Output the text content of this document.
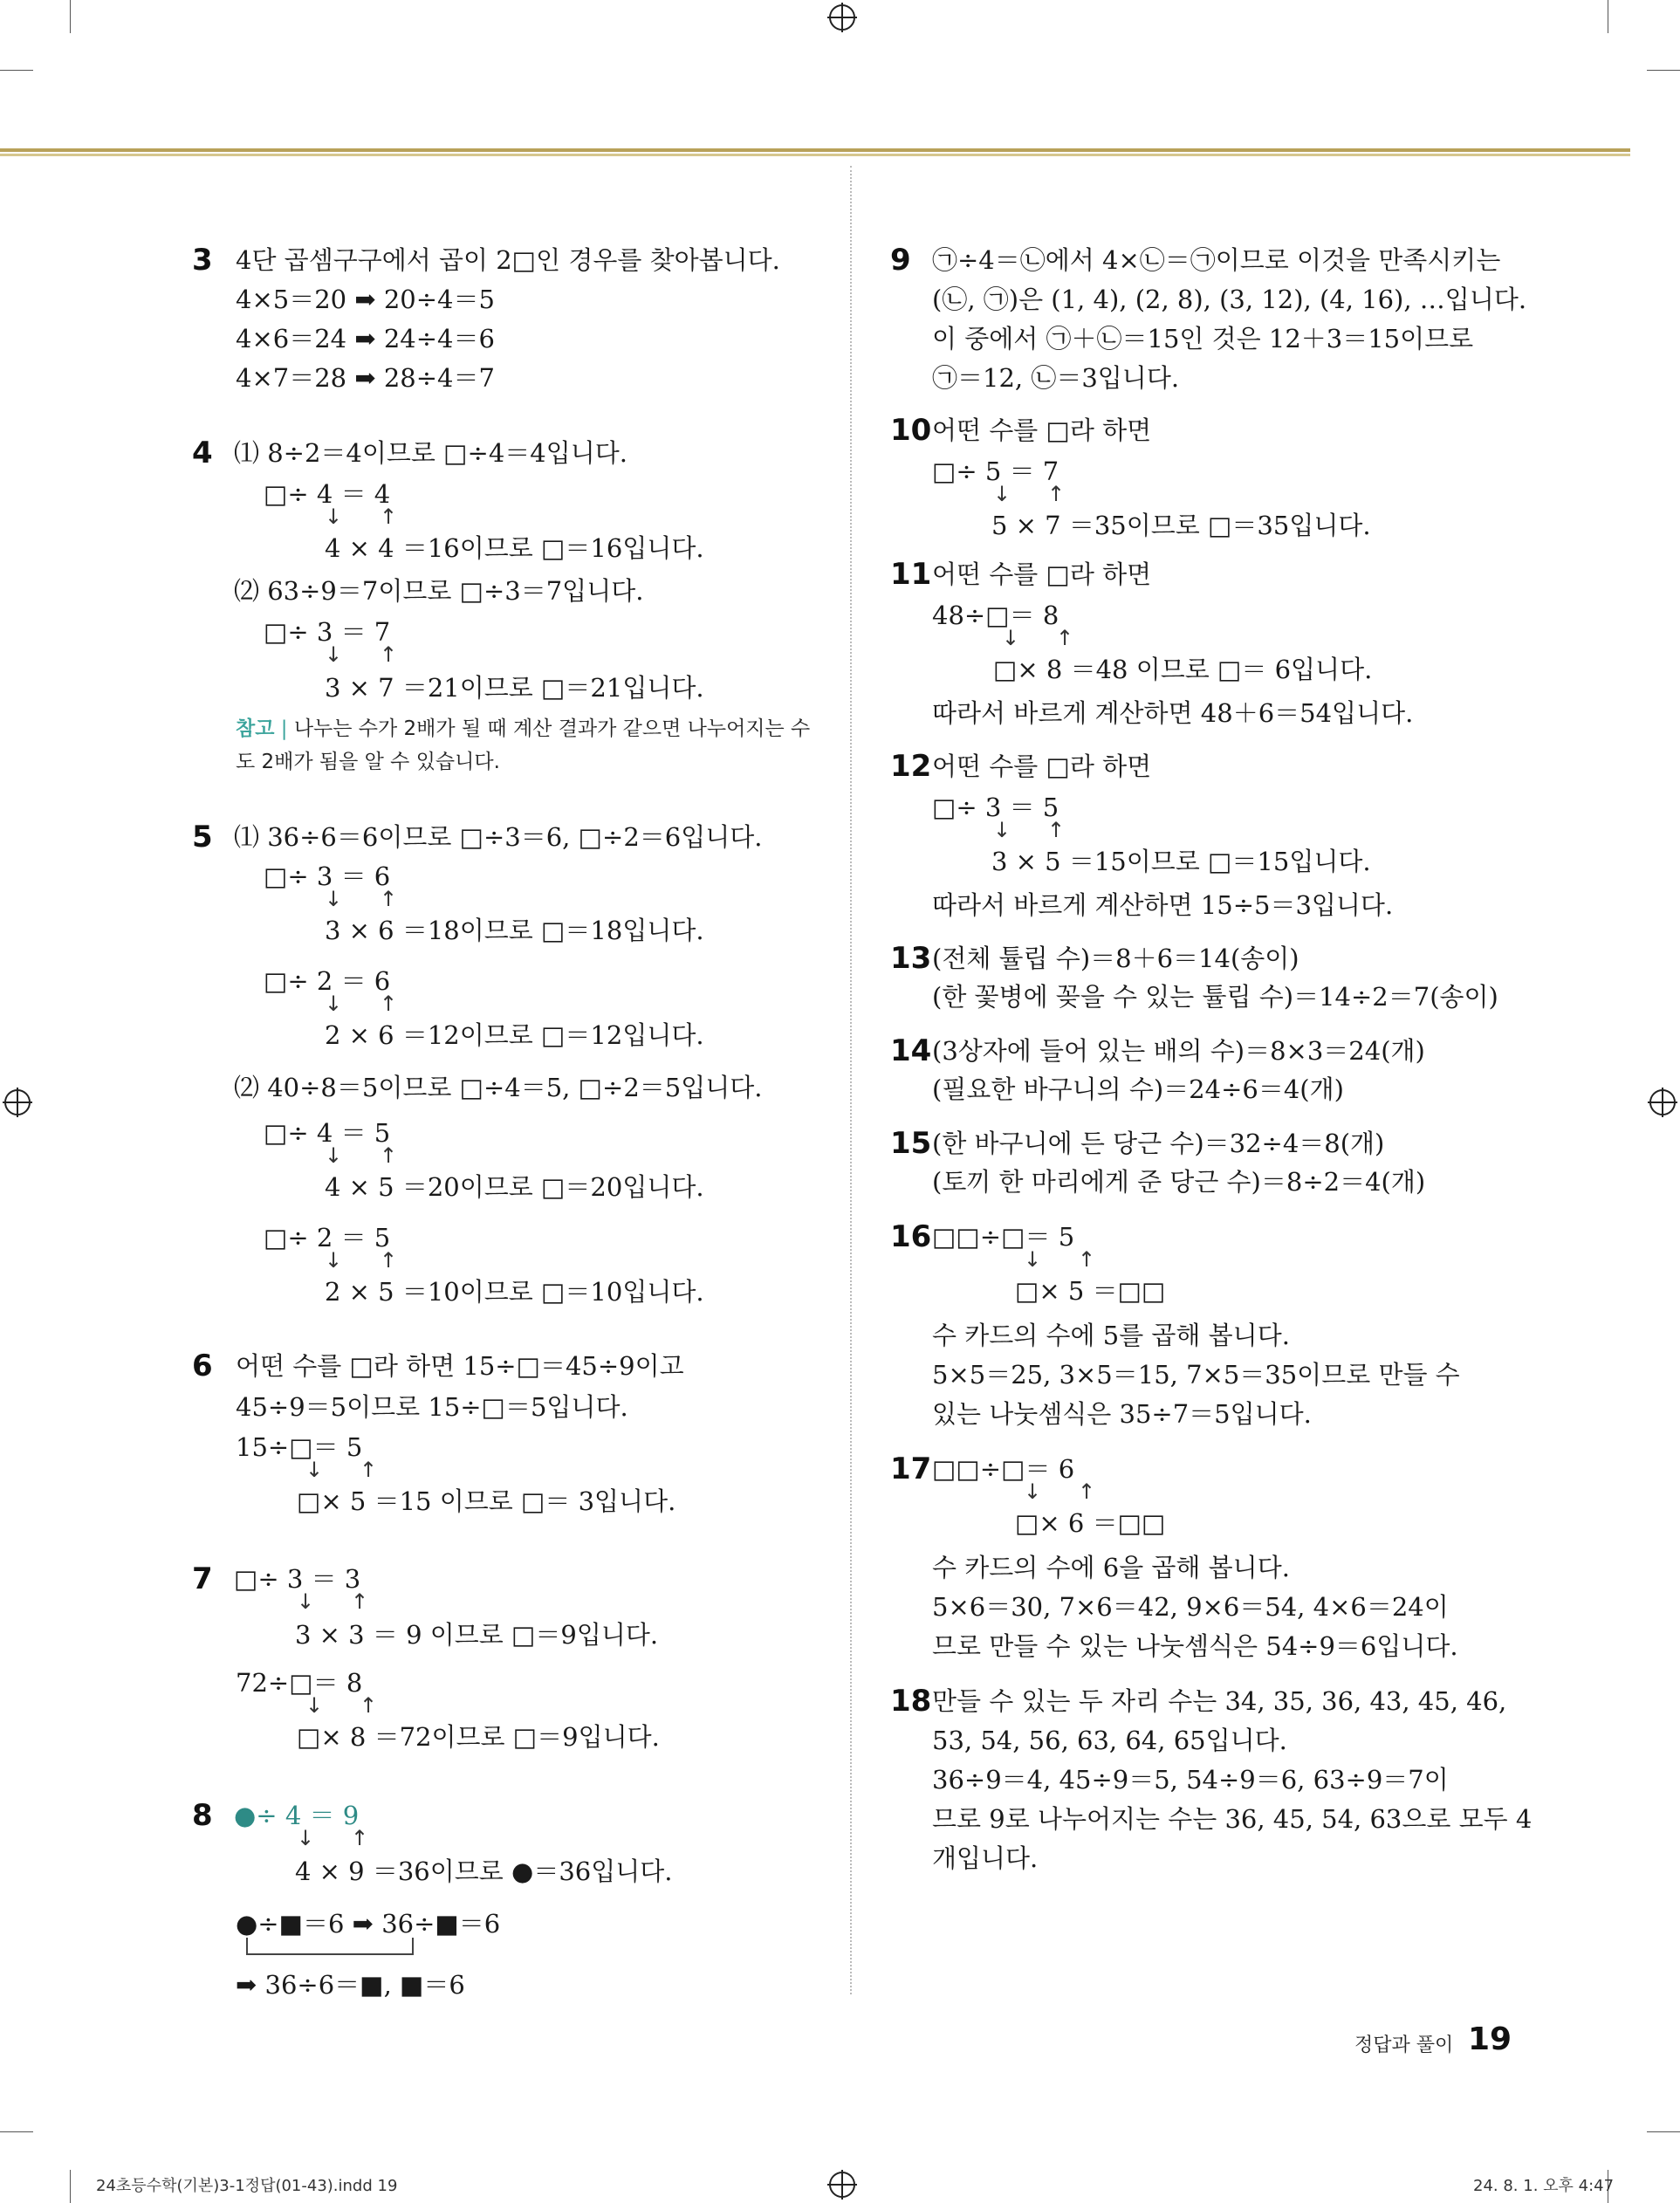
3 4단 곱셈구구에서 곱이 2□인 경우를 찾아봅니다.
4×5＝20 ➡ 20÷4＝5
4×6＝24 ➡ 24÷4＝6
4×7＝28 ➡ 28÷4＝7
4 ⑴ 8÷2＝4이므로 □÷4＝4입니다.
□÷ 4 ＝ 4
↓ ↑
4 × 4 ＝16이므로 □＝16입니다.
⑵ 63÷9＝7이므로 □÷3＝7입니다.
□÷ 3 ＝ 7
↓ ↑
3 × 7 ＝21이므로 □＝21입니다.
참고 | 나누는 수가 2배가 될 때 계산 결과가 같으면 나누어지는 수
도 2배가 됨을 알 수 있습니다.
5 ⑴ 36÷6＝6이므로 □÷3＝6, □÷2＝6입니다.
□÷ 3 ＝ 6
↓ ↑
3 × 6 ＝18이므로 □＝18입니다.
□÷ 2 ＝ 6
↓ ↑
2 × 6 ＝12이므로 □＝12입니다.
⑵ 40÷8＝5이므로 □÷4＝5, □÷2＝5입니다.
□÷ 4 ＝ 5
↓ ↑
4 × 5 ＝20이므로 □＝20입니다.
□÷ 2 ＝ 5
↓ ↑
2 × 5 ＝10이므로 □＝10입니다.
6 어떤 수를 □라 하면 15÷□＝45÷9이고
45÷9＝5이므로 15÷□＝5입니다.
15÷□＝ 5
↓ ↑
□× 5 ＝15 이므로 □＝ 3입니다.
7 □÷ 3 ＝ 3
↓ ↑
3 × 3 ＝ 9 이므로 □＝9입니다.
72÷□＝ 8
↓ ↑
□× 8 ＝72이므로 □＝9입니다.
8 ●÷ 4 ＝ 9
↓ ↑
4 × 9 ＝36이므로 ●＝36입니다.
●÷■＝6 ➡ 36÷■＝6
➡ 36÷6＝■, ■＝6
9 ㉠÷4＝㉡에서 4×㉡＝㉠이므로 이것을 만족시키는
(㉡, ㉠)은 (1, 4), (2, 8), (3, 12), (4, 16), …입니다.
이 중에서 ㉠＋㉡＝15인 것은 12＋3＝15이므로
㉠＝12, ㉡＝3입니다.
10 어떤 수를 □라 하면
□÷ 5 ＝ 7
↓ ↑
5 × 7 ＝35이므로 □＝35입니다.
11 어떤 수를 □라 하면
48÷□＝ 8
↓ ↑
□× 8 ＝48 이므로 □＝ 6입니다.
따라서 바르게 계산하면 48＋6＝54입니다.
12 어떤 수를 □라 하면
□÷ 3 ＝ 5
↓ ↑
3 × 5 ＝15이므로 □＝15입니다.
따라서 바르게 계산하면 15÷5＝3입니다.
13 (전체 튤립 수)＝8＋6＝14(송이)
(한 꽃병에 꽂을 수 있는 튤립 수)＝14÷2＝7(송이)
14 (3상자에 들어 있는 배의 수)＝8×3＝24(개)
(필요한 바구니의 수)＝24÷6＝4(개)
15 (한 바구니에 든 당근 수)＝32÷4＝8(개)
(토끼 한 마리에게 준 당근 수)＝8÷2＝4(개)
16 □□÷□＝ 5
↓ ↑
□× 5 ＝□□
수 카드의 수에 5를 곱해 봅니다.
5×5＝25, 3×5＝15, 7×5＝35이므로 만들 수
있는 나눗셈식은 35÷7＝5입니다.
17 □□÷□＝ 6
↓ ↑
□× 6 ＝□□
수 카드의 수에 6을 곱해 봅니다.
5×6＝30, 7×6＝42, 9×6＝54, 4×6＝24이
므로 만들 수 있는 나눗셈식은 54÷9＝6입니다.
18 만들 수 있는 두 자리 수는 34, 35, 36, 43, 45, 46,
53, 54, 56, 63, 64, 65입니다.
36÷9＝4, 45÷9＝5, 54÷9＝6, 63÷9＝7이
므로 9로 나누어지는 수는 36, 45, 54, 63으로 모두 4
개입니다.
정답과 풀이 19
24초등수학(기본)3-1정답(01-43).indd 19	24. 8. 1. 오후 4:47
